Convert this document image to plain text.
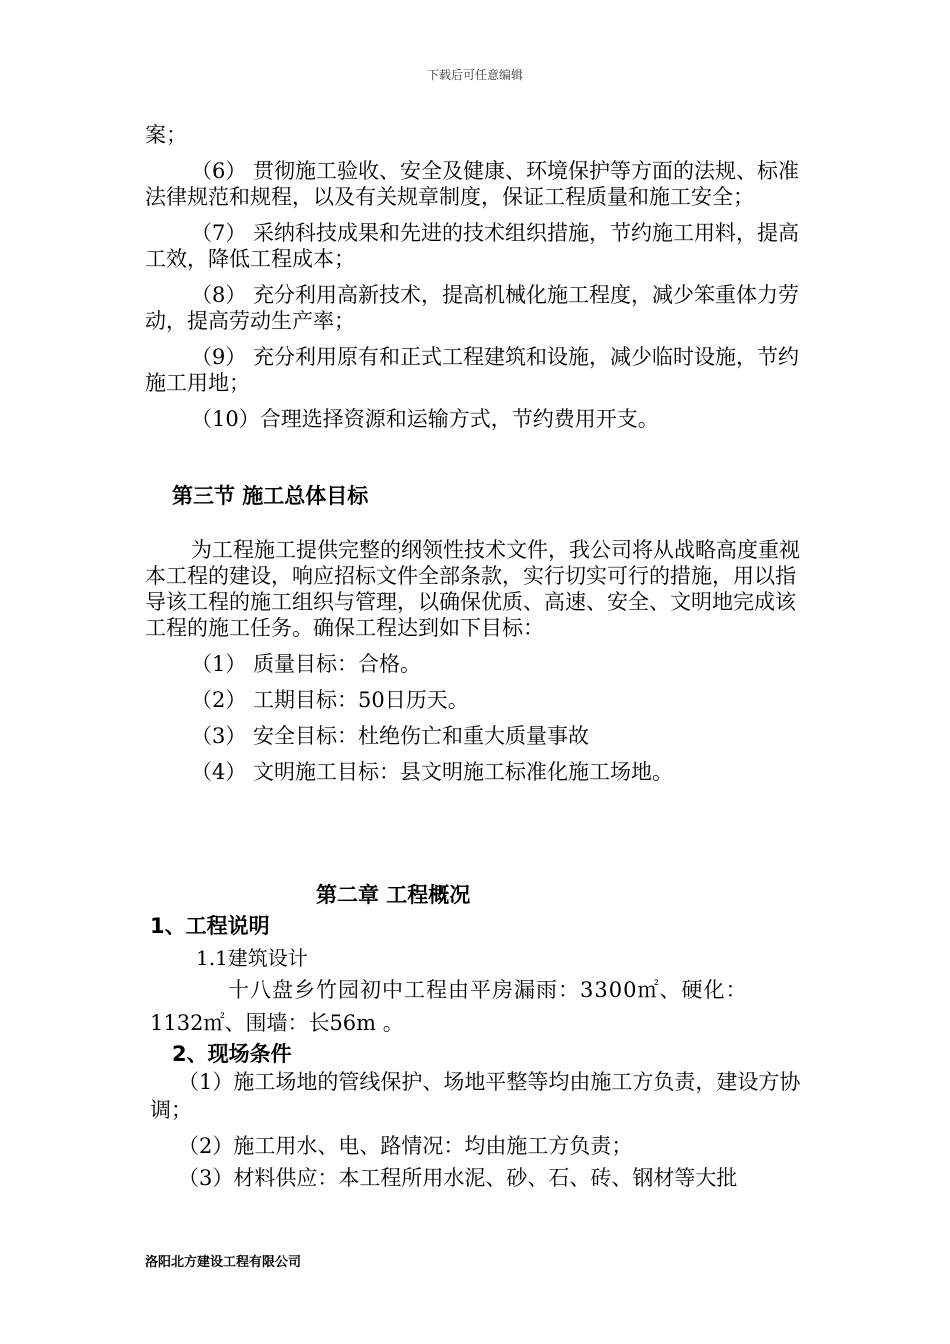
下载后可任意编辑

案；

（6） 贯彻施工验收、安全及健康、环境保护等方面的法规、标准法律规范和规程，以及有关规章制度，保证工程质量和施工安全；

（7） 采纳科技成果和先进的技术组织措施，节约施工用料，提高工效，降低工程成本；

（8） 充分利用高新技术，提高机械化施工程度，减少笨重体力劳动，提高劳动生产率；

（9） 充分利用原有和正式工程建筑和设施，减少临时设施，节约施工用地；

（10）合理选择资源和运输方式，节约费用开支。

第三节 施工总体目标

为工程施工提供完整的纲领性技术文件，我公司将从战略高度重视本工程的建设，响应招标文件全部条款，实行切实可行的措施，用以指导该工程的施工组织与管理，以确保优质、高速、安全、文明地完成该工程的施工任务。确保工程达到如下目标：

（1） 质量目标：合格。

（2） 工期目标：50日历天。

（3） 安全目标：杜绝伤亡和重大质量事故

（4） 文明施工目标：县文明施工标准化施工场地。

第二章 工程概况
1、工程说明
1.1建筑设计
十八盘乡竹园初中工程由平房漏雨：3300㎡、硬化：
1132㎡、围墙：长56m 。
2、现场条件
（1）施工场地的管线保护、场地平整等均由施工方负责，建设方协调；
（2）施工用水、电、路情况：均由施工方负责；
（3）材料供应：本工程所用水泥、砂、石、砖、钢材等大批
洛阳北方建设工程有限公司
